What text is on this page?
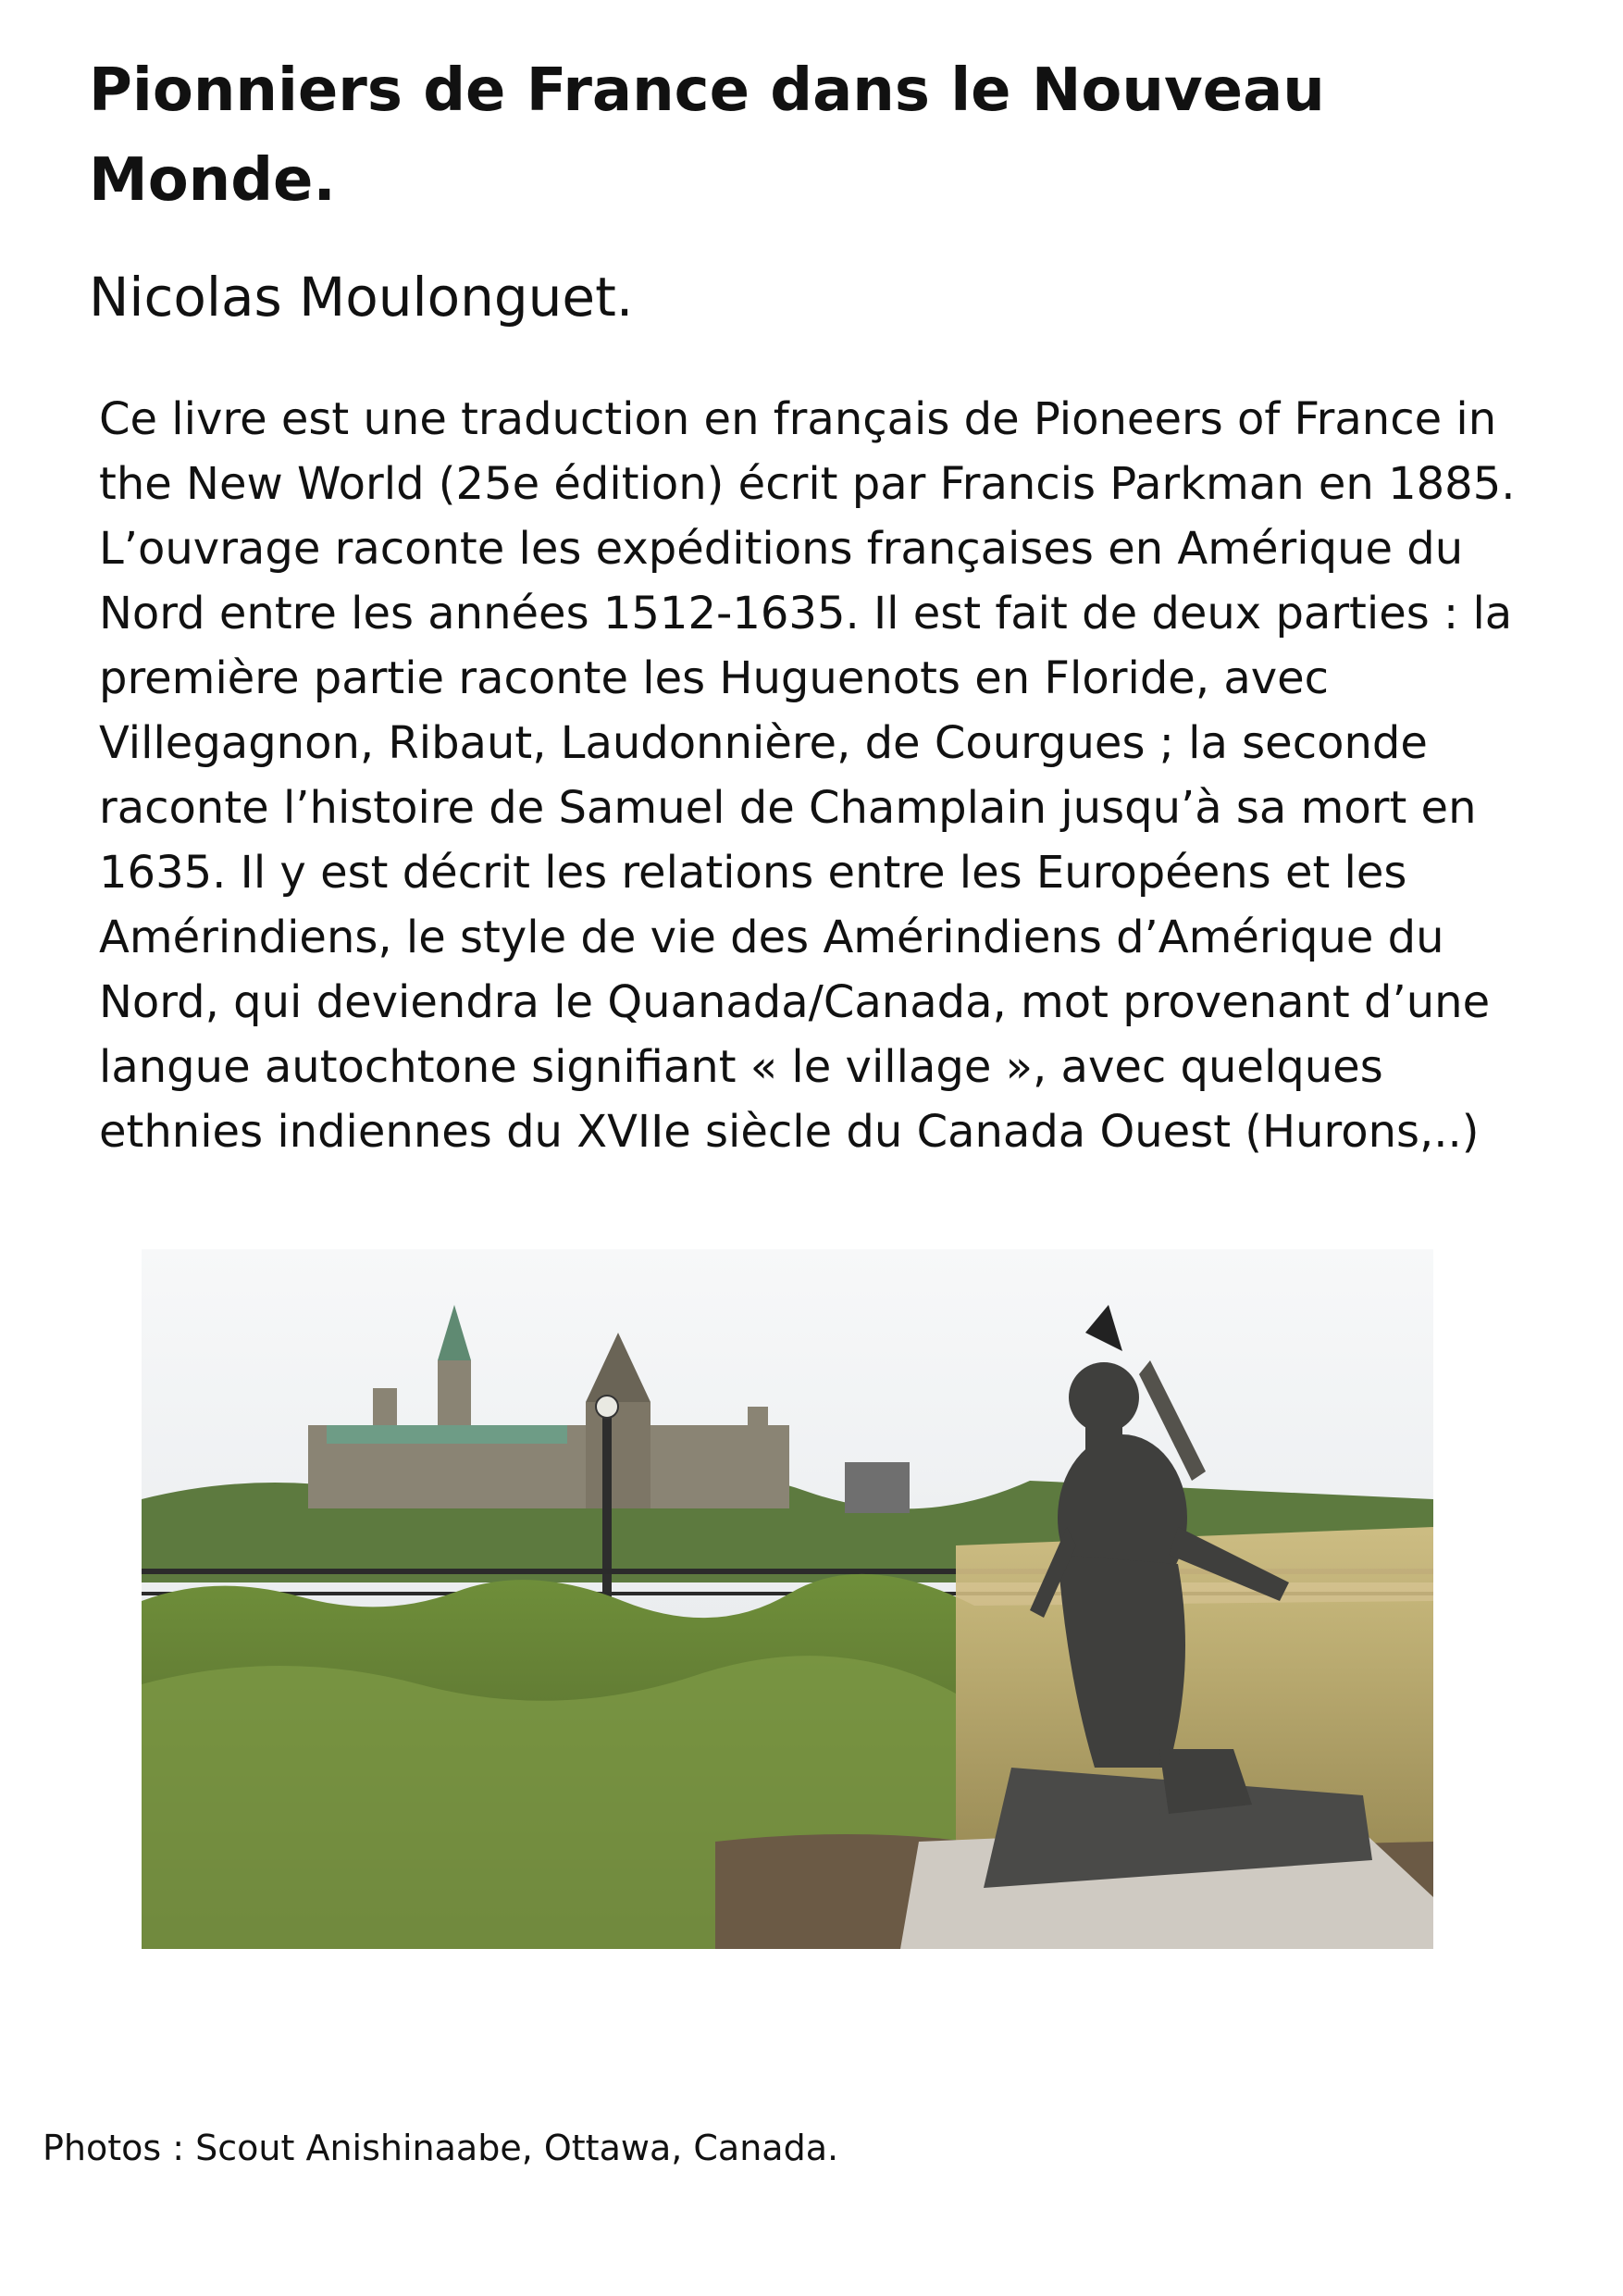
Pionniers de France dans le Nouveau Monde.
Nicolas Moulonguet.

Ce livre est une traduction en français de Pioneers of France in the New World (25e édition) écrit par Francis Parkman en 1885. L’ouvrage raconte les expéditions françaises en Amérique du Nord entre les années 1512-1635. Il est fait de deux parties : la première partie raconte les Huguenots en Floride, avec Villegagnon, Ribaut, Laudonnière, de Courgues ; la seconde raconte l’histoire de Samuel de Champlain jusqu’à sa mort en 1635. Il y est décrit les relations entre les Européens et les Amérindiens, le style de vie des Amérindiens d’Amérique du Nord, qui deviendra le Quanada/Canada, mot provenant d’une langue autochtone signifiant « le village », avec quelques ethnies indiennes du XVIIe siècle du Canada Ouest (Hurons,..)

Photos : Scout Anishinaabe, Ottawa, Canada.
